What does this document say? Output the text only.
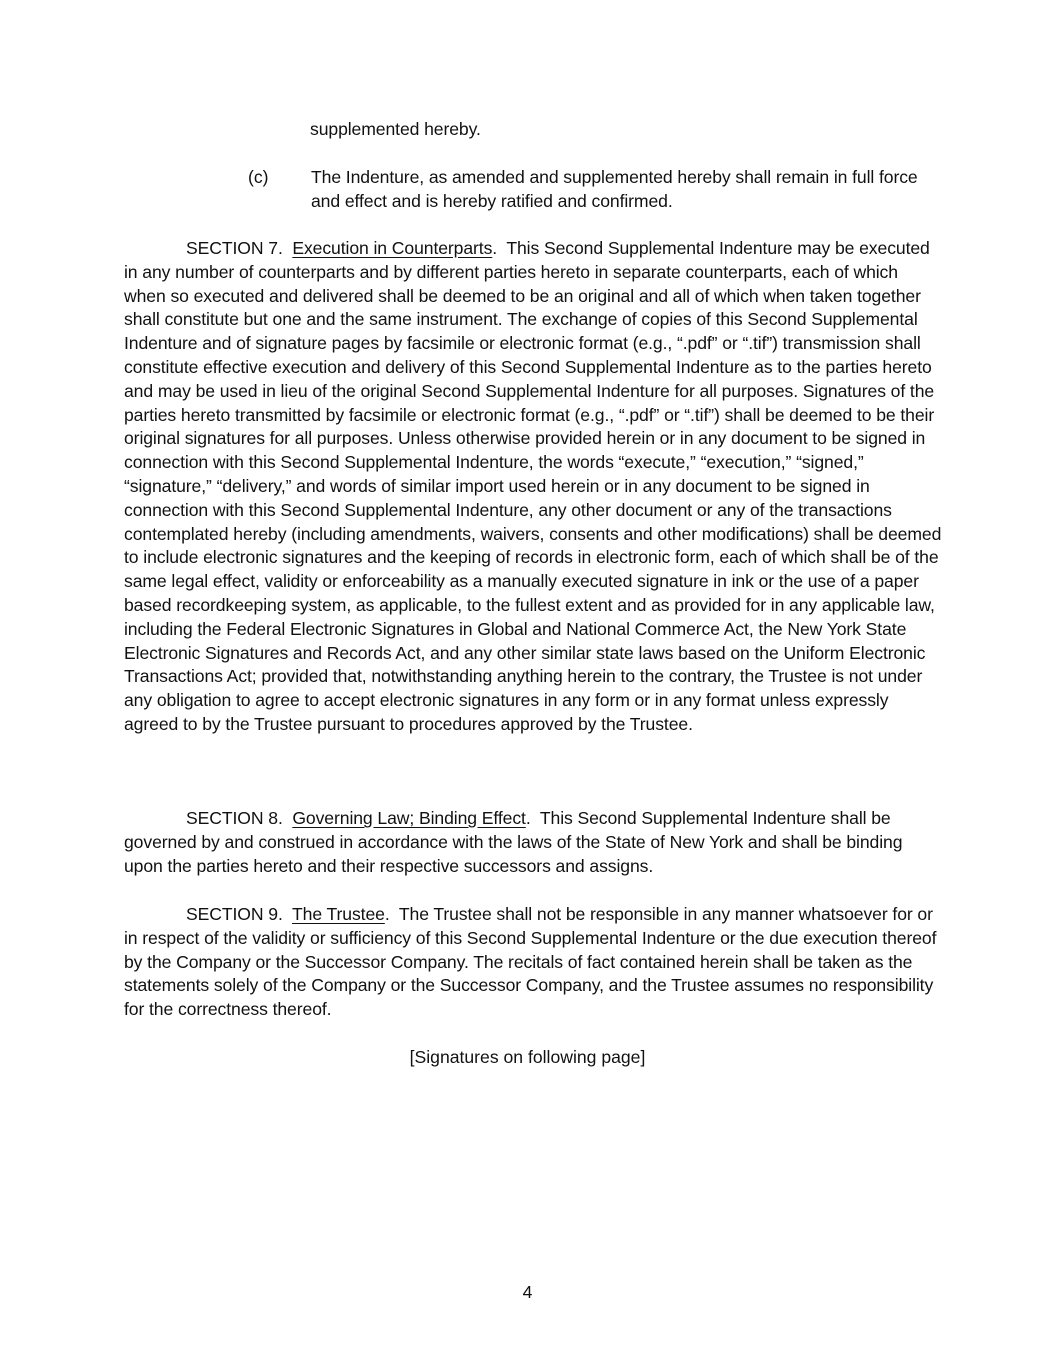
supplemented hereby.
(c) The Indenture, as amended and supplemented hereby shall remain in full force and effect and is hereby ratified and confirmed.
SECTION 7. Execution in Counterparts.  This Second Supplemental Indenture may be executed in any number of counterparts and by different parties hereto in separate counterparts, each of which when so executed and delivered shall be deemed to be an original and all of which when taken together shall constitute but one and the same instrument. The exchange of copies of this Second Supplemental Indenture and of signature pages by facsimile or electronic format (e.g., “.pdf” or “.tif”) transmission shall constitute effective execution and delivery of this Second Supplemental Indenture as to the parties hereto and may be used in lieu of the original Second Supplemental Indenture for all purposes. Signatures of the parties hereto transmitted by facsimile or electronic format (e.g., “.pdf” or “.tif”) shall be deemed to be their original signatures for all purposes. Unless otherwise provided herein or in any document to be signed in connection with this Second Supplemental Indenture, the words “execute,” “execution,” “signed,” “signature,” “delivery,” and words of similar import used herein or in any document to be signed in connection with this Second Supplemental Indenture, any other document or any of the transactions contemplated hereby (including amendments, waivers, consents and other modifications) shall be deemed to include electronic signatures and the keeping of records in electronic form, each of which shall be of the same legal effect, validity or enforceability as a manually executed signature in ink or the use of a paper based recordkeeping system, as applicable, to the fullest extent and as provided for in any applicable law, including the Federal Electronic Signatures in Global and National Commerce Act, the New York State Electronic Signatures and Records Act, and any other similar state laws based on the Uniform Electronic Transactions Act; provided that, notwithstanding anything herein to the contrary, the Trustee is not under any obligation to agree to accept electronic signatures in any form or in any format unless expressly agreed to by the Trustee pursuant to procedures approved by the Trustee.
SECTION 8. Governing Law; Binding Effect.  This Second Supplemental Indenture shall be governed by and construed in accordance with the laws of the State of New York and shall be binding upon the parties hereto and their respective successors and assigns.
SECTION 9. The Trustee.  The Trustee shall not be responsible in any manner whatsoever for or in respect of the validity or sufficiency of this Second Supplemental Indenture or the due execution thereof by the Company or the Successor Company. The recitals of fact contained herein shall be taken as the statements solely of the Company or the Successor Company, and the Trustee assumes no responsibility for the correctness thereof.
[Signatures on following page]
4
